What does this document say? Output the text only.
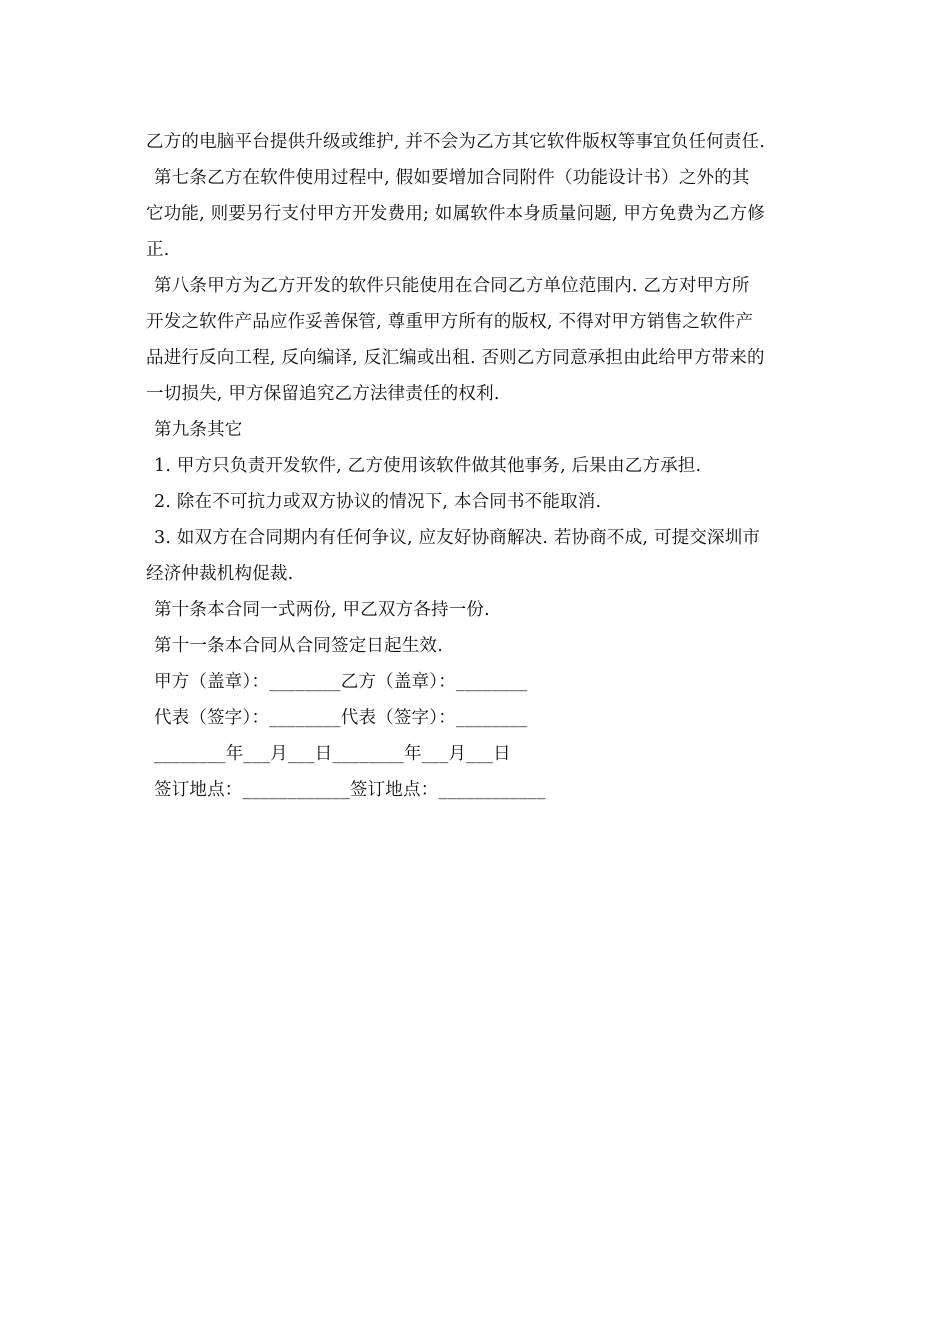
乙方的电脑平台提供升级或维护, 并不会为乙方其它软件版权等事宜负任何责任.
第七条乙方在软件使用过程中, 假如要增加合同附件（功能设计书）之外的其
它功能, 则要另行支付甲方开发费用; 如属软件本身质量问题, 甲方免费为乙方修
正.
第八条甲方为乙方开发的软件只能使用在合同乙方单位范围内. 乙方对甲方所
开发之软件产品应作妥善保管, 尊重甲方所有的版权, 不得对甲方销售之软件产
品进行反向工程, 反向编译, 反汇编或出租. 否则乙方同意承担由此给甲方带来的
一切损失, 甲方保留追究乙方法律责任的权利.
第九条其它
1. 甲方只负责开发软件, 乙方使用该软件做其他事务, 后果由乙方承担.
2. 除在不可抗力或双方协议的情况下, 本合同书不能取消.
3. 如双方在合同期内有任何争议, 应友好协商解决. 若协商不成, 可提交深圳市
经济仲裁机构促裁.
第十条本合同一式两份, 甲乙双方各持一份.
第十一条本合同从合同签定日起生效.
甲方（盖章）：________乙方（盖章）：________
代表（签字）：________代表（签字）：________
________年___月___日________年___月___日
签订地点：____________签订地点：____________
